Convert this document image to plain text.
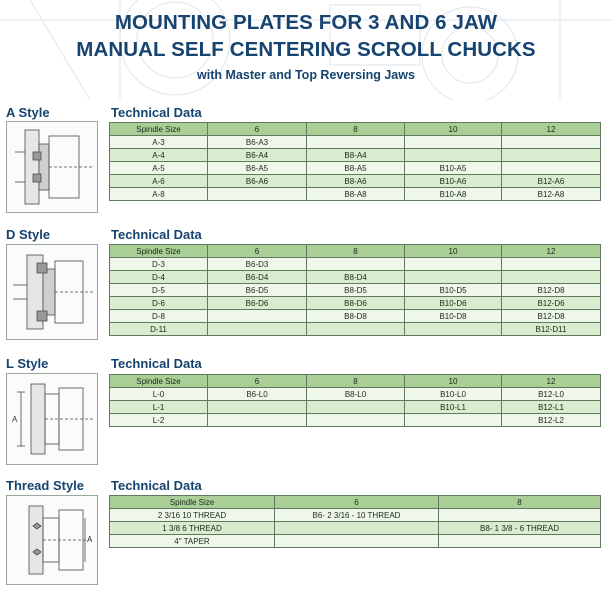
MOUNTING PLATES FOR 3 AND 6 JAW
MANUAL SELF CENTERING SCROLL CHUCKS
with Master and Top Reversing Jaws
A Style	Technical Data
Spindle Size	6	8	10	12
A-3	B6-A3			
A-4	B6-A4	B8-A4		
A-5	B6-A5	B8-A5	B10-A5	
A-6	B6-A6	B8-A6	B10-A6	B12-A6
A-8		B8-A8	B10-A8	B12-A8
D Style	Technical Data
Spindle Size	6	8	10	12
D-3	B6-D3			
D-4	B6-D4	B8-D4		
D-5	B6-D5	B8-D5	B10-D5	B12-D8
D-6	B6-D6	B8-D6	B10-D6	B12-D6
D-8		B8-D8	B10-D8	B12-D8
D-11				B12-D11
L Style	Technical Data
A
Spindle Size	6	8	10	12
L-0	B6-L0	B8-L0	B10-L0	B12-L0
L-1			B10-L1	B12-L1
L-2				B12-L2
Thread Style Technical Data
A
Spindle Size	6	8
2 3/16 10 THREAD	B6- 2 3/16 - 10 THREAD	
1 3/8 6 THREAD		B8- 1 3/8 - 6 THREAD
4" TAPER		
